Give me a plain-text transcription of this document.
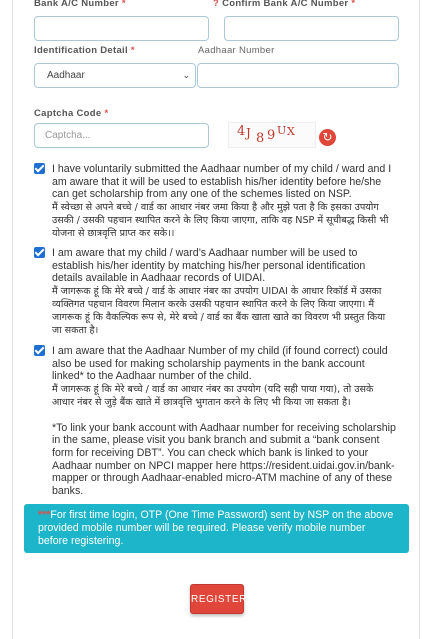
Bank A/C Number *	? Confirm Bank A/C Number *
Identification Detail *	Aadhaar Number
Aadhaar	⌄
Captcha Code *
Captcha...
4 J 8 9 U X ↻

I have voluntarily submitted the Aadhaar number of my child / ward and I am aware that it will be used to establish his/her identity before he/she can get scholarship from any one of the schemes listed on NSP.

मैं स्वेच्छा से अपने बच्चे / वार्ड का आधार नंबर जमा किया है और मुझे पता है कि इसका उपयोग उसकी / उसकी पहचान स्थापित करने के लिए किया जाएगा, ताकि वह NSP में सूचीबद्ध किसी भी योजना से छात्रवृत्ति प्राप्त कर सके।।

I am aware that my child / ward’s Aadhaar number will be used to establish his/her identity by matching his/her personal identification details available in Aadhaar records of UIDAI.

मैं जागरूक हूं कि मेरे बच्चे / वार्ड के आधार नंबर का उपयोग UIDAI के आधार रिकॉर्ड में उसका व्यक्तिगत पहचान विवरण मिलान करके उसकी पहचान स्थापित करने के लिए किया जाएगा। मैं जागरूक हूं कि वैकल्पिक रूप से, मेरे बच्चे / वार्ड का बैंक खाता खाते का विवरण भी प्रस्तुत किया जा सकता है।

I am aware that the Aadhaar Number of my child (if found correct) could also be used for making scholarship payments in the bank account linked* to the Aadhaar number of the child.

मैं जागरूक हूं कि मेरे बच्चे / वार्ड का आधार नंबर का उपयोग (यदि सही पाया गया), तो उसके आधार नंबर से जुड़े बैंक खाते में छात्रवृत्ति भुगतान करने के लिए भी किया जा सकता है।

*To link your bank account with Aadhaar number for receiving scholarship in the same, please visit you bank branch and submit a “bank consent form for receiving DBT”. You can check which bank is linked to your Aadhaar number on NPCI mapper here https://resident.uidai.gov.in/bank-mapper or through Aadhaar-enabled micro-ATM machine of any of these banks.

***For first time login, OTP (One Time Password) sent by NSP on the above provided mobile number will be required. Please verify mobile number before registering.
REGISTER
